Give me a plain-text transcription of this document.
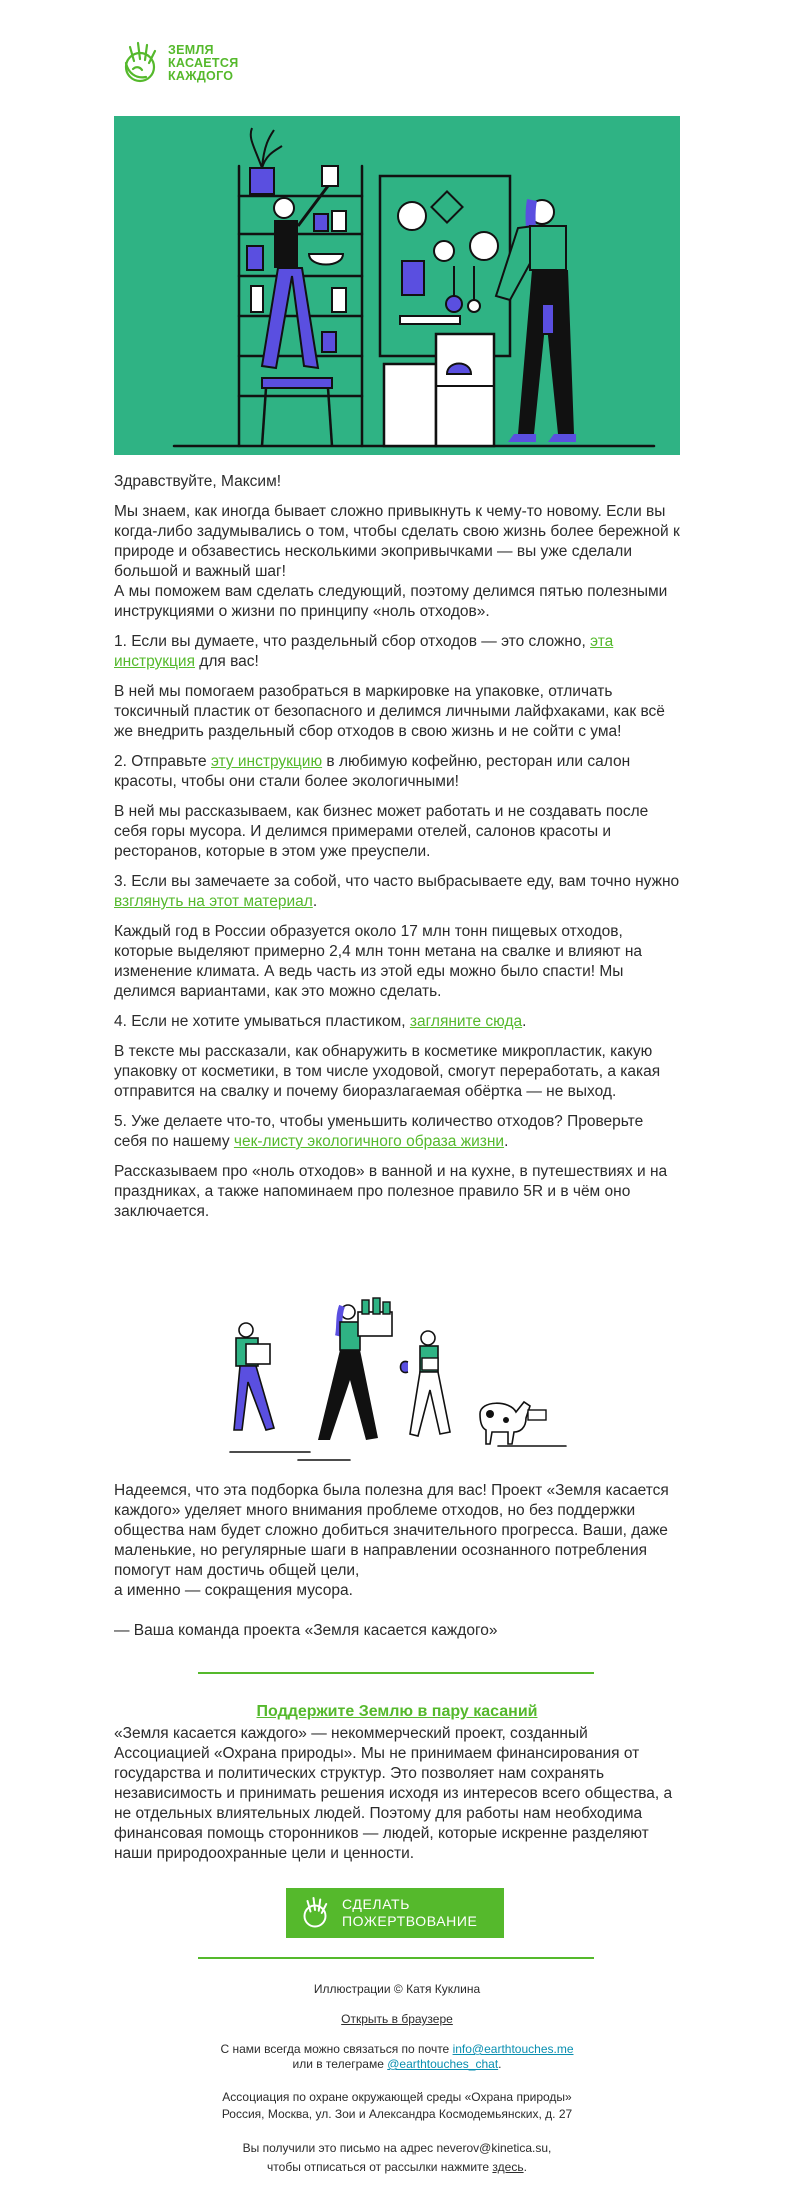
ЗЕМЛЯ
КАСАЕТСЯ
КАЖДОГО

Здравствуйте, Максим!

Мы знаем, как иногда бывает сложно привыкнуть к чему-то новому. Если вы когда-либо задумывались о том, чтобы сделать свою жизнь более бережной к природе и обзавестись несколькими экопривычками — вы уже сделали большой и важный шаг!
А мы поможем вам сделать следующий, поэтому делимся пятью полезными инструкциями о жизни по принципу «ноль отходов».

1. Если вы думаете, что раздельный сбор отходов — это сложно, эта инструкция для вас!

В ней мы помогаем разобраться в маркировке на упаковке, отличать токсичный пластик от безопасного и делимся личными лайфхаками, как всё же внедрить раздельный сбор отходов в свою жизнь и не сойти с ума!

2. Отправьте эту инструкцию в любимую кофейню, ресторан или салон красоты, чтобы они стали более экологичными!

В ней мы рассказываем, как бизнес может работать и не создавать после себя горы мусора. И делимся примерами отелей, салонов красоты и ресторанов, которые в этом уже преуспели.

3. Если вы замечаете за собой, что часто выбрасываете еду, вам точно нужно взглянуть на этот материал.

Каждый год в России образуется около 17 млн тонн пищевых отходов, которые выделяют примерно 2,4 млн тонн метана на свалке и влияют на изменение климата. А ведь часть из этой еды можно было спасти! Мы делимся вариантами, как это можно сделать.

4. Если не хотите умываться пластиком, загляните сюда.

В тексте мы рассказали, как обнаружить в косметике микропластик, какую упаковку от косметики, в том числе уходовой, смогут переработать, а какая отправится на свалку и почему биоразлагаемая обёртка — не выход.

5. Уже делаете что-то, чтобы уменьшить количество отходов? Проверьте себя по нашему чек-листу экологичного образа жизни.

Рассказываем про «ноль отходов» в ванной и на кухне, в путешествиях и на праздниках, а также напоминаем про полезное правило 5R и в чём оно заключается.

Надеемся, что эта подборка была полезна для вас! Проект «Земля касается каждого» уделяет много внимания проблеме отходов, но без поддержки общества нам будет сложно добиться значительного прогресса. Ваши, даже маленькие, но регулярные шаги в направлении осознанного потребления помогут нам достичь общей цели,
а именно — сокращения мусора.

— Ваша команда проекта «Земля касается каждого»

Поддержите Землю в пару касаний

«Земля касается каждого» — некоммерческий проект, созданный Ассоциацией «Охрана природы». Мы не принимаем финансирования от государства и политических структур. Это позволяет нам сохранять независимость и принимать решения исходя из интересов всего общества, а не отдельных влиятельных людей. Поэтому для работы нам необходима финансовая помощь сторонников — людей, которые искренне разделяют наши природоохранные цели и ценности.

СДЕЛАТЬ
ПОЖЕРТВОВАНИЕ
Иллюстрации © Катя Куклина
Открыть в браузере
С нами всегда можно связаться по почте info@earthtouches.me
или в телеграме @earthtouches_chat.
Ассоциация по охране окружающей среды «Охрана природы»
Россия, Москва, ул. Зои и Александра Космодемьянских, д. 27
Вы получили это письмо на адрес neverov@kinetica.su,
чтобы отписаться от рассылки нажмите здесь.
